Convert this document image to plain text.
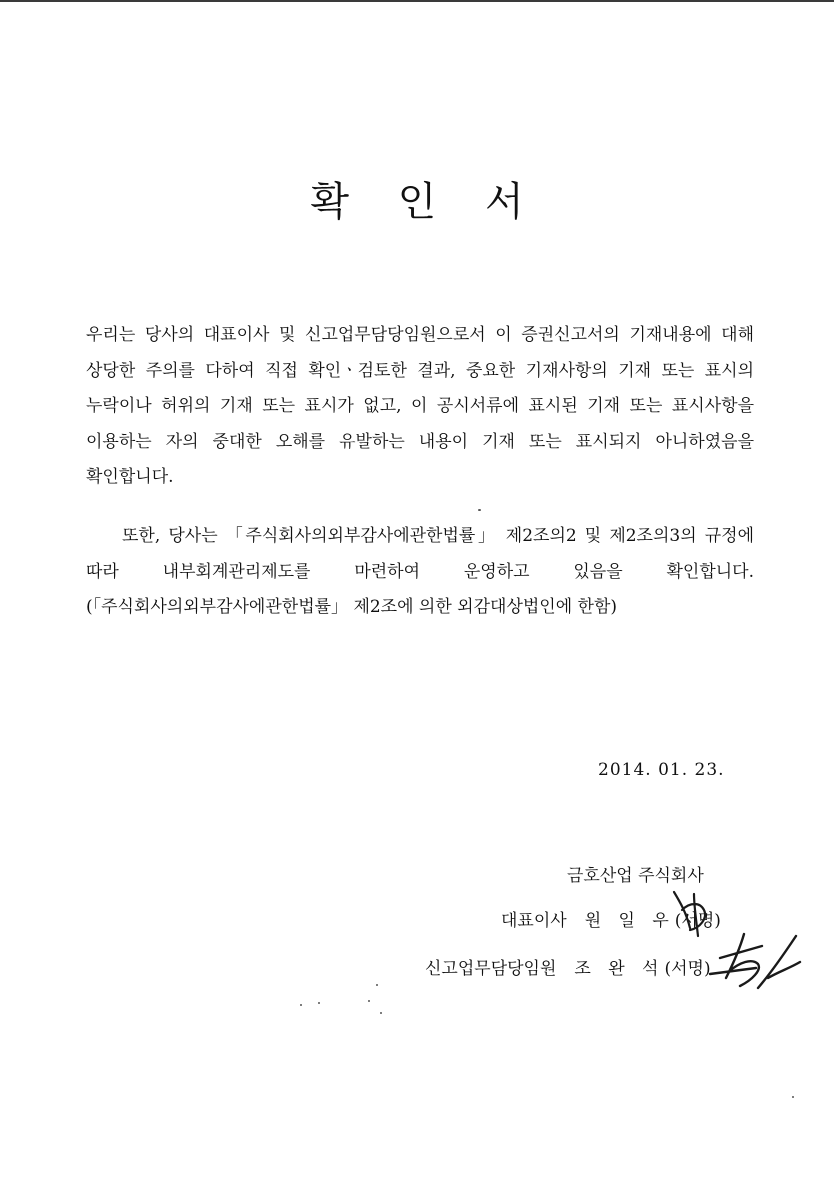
확 인 서
우리는 당사의 대표이사 및 신고업무담당임원으로서 이 증권신고서의 기재내용에 대해 상당한 주의를 다하여 직접 확인ㆍ검토한 결과, 중요한 기재사항의 기재 또는 표시의 누락이나 허위의 기재 또는 표시가 없고, 이 공시서류에 표시된 기재 또는 표시사항을 이용하는 자의 중대한 오해를 유발하는 내용이 기재 또는 표시되지 아니하였음을 확인합니다.
또한, 당사는 「주식회사의외부감사에관한법률」 제2조의2 및 제2조의3의 규정에 따라 내부회계관리제도를 마련하여 운영하고 있음을 확인합니다.(「주식회사의외부감사에관한법률」 제2조에 의한 외감대상법인에 한함)
2014. 01. 23.
금호산업 주식회사
대표이사 원 일 우(서명)
신고업무담당임원 조 완 석(서명)
